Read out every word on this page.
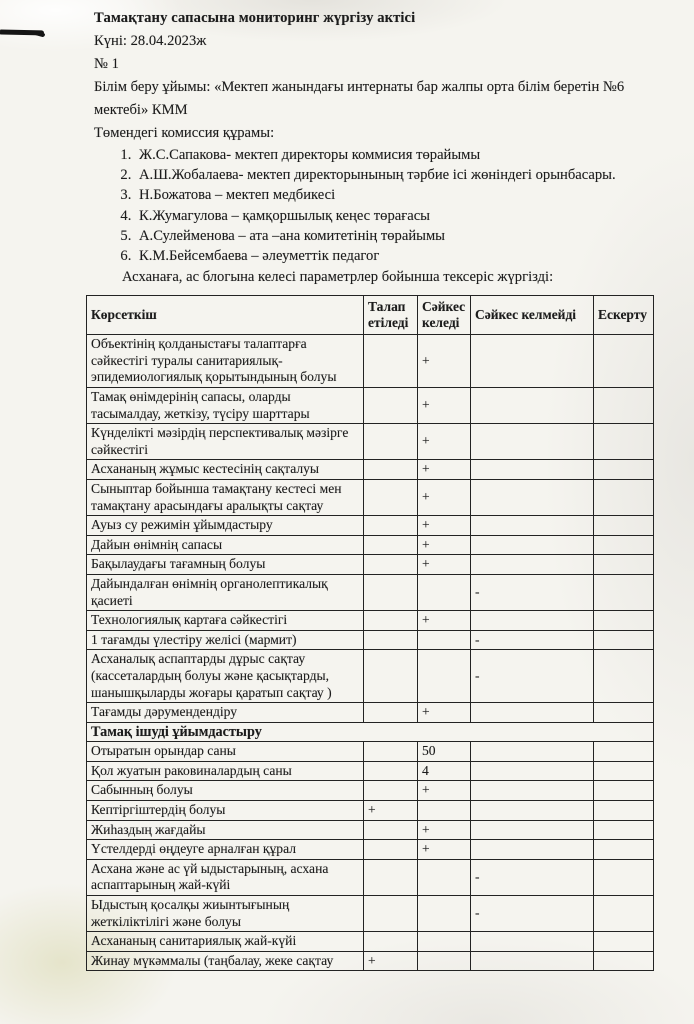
Тамақтану сапасына мониторинг жүргізу актісі

Күні: 28.04.2023ж

№ 1

Білім беру ұйымы: «Мектеп жанындағы интернаты бар жалпы орта білім беретін №6 мектебі» КММ

Төмендегі комиссия құрамы:

1. Ж.С.Сапакова- мектеп директоры коммисия төрайымы
2. А.Ш.Жобалаева- мектеп директорынының тәрбие ісі жөніндегі орынбасары.
3. Н.Божатова – мектеп медбикесі
4. К.Жумагулова – қамқоршылық кеңес төрағасы
5. А.Сулейменова – ата –ана комитетінің төрайымы
6. К.М.Бейсембаева – әлеуметтік педагог

Асханаға, ас блогына келесі параметрлер бойынша тексеріс жүргізді:

Көрсеткіш	Талап етіледі	Сәйкес келеді	Сәйкес келмейді	Ескерту
Объектінің қолданыстағы талаптарға сәйкестігі туралы санитариялық-эпидемиологиялық қорытындының болуы		+		
Тамақ өнімдерінің сапасы, оларды тасымалдау, жеткізу, түсіру шарттары		+		
Күнделікті мәзірдің перспективалық мәзірге сәйкестігі		+		
Асхананың жұмыс кестесінің сақталуы		+		
Сыныптар бойынша тамақтану кестесі мен тамақтану арасындағы аралықты сақтау		+		
Ауыз су режимін ұйымдастыру		+		
Дайын өнімнің сапасы		+		
Бақылаудағы тағамның болуы		+		
Дайындалған өнімнің органолептикалық қасиеті			-	
Технологиялық картаға сәйкестігі		+		
1 тағамды үлестіру желісі (мармит)			-	
Асханалық аспаптарды дұрыс сақтау (кассеталардың болуы және қасықтарды, шанышқыларды жоғары қаратып сақтау )			-	
Тағамды дәрумендендіру		+		
Тамақ ішуді ұйымдастыру				
Отыратын орындар саны		50		
Қол жуатын раковиналардың саны		4		
Сабынның болуы		+		
Кептіргіштердің болуы	+			
Жиһаздың жағдайы		+		
Үстелдерді өңдеуге арналған құрал		+		
Асхана және ас үй ыдыстарының, асхана аспаптарының жай-күйі			-	
Ыдыстың қосалқы жиынтығының жеткіліктілігі және болуы			-	
Асхананың санитариялық жай-күйі				
Жинау мүкәммалы (таңбалау, жеке сақтау	+			
